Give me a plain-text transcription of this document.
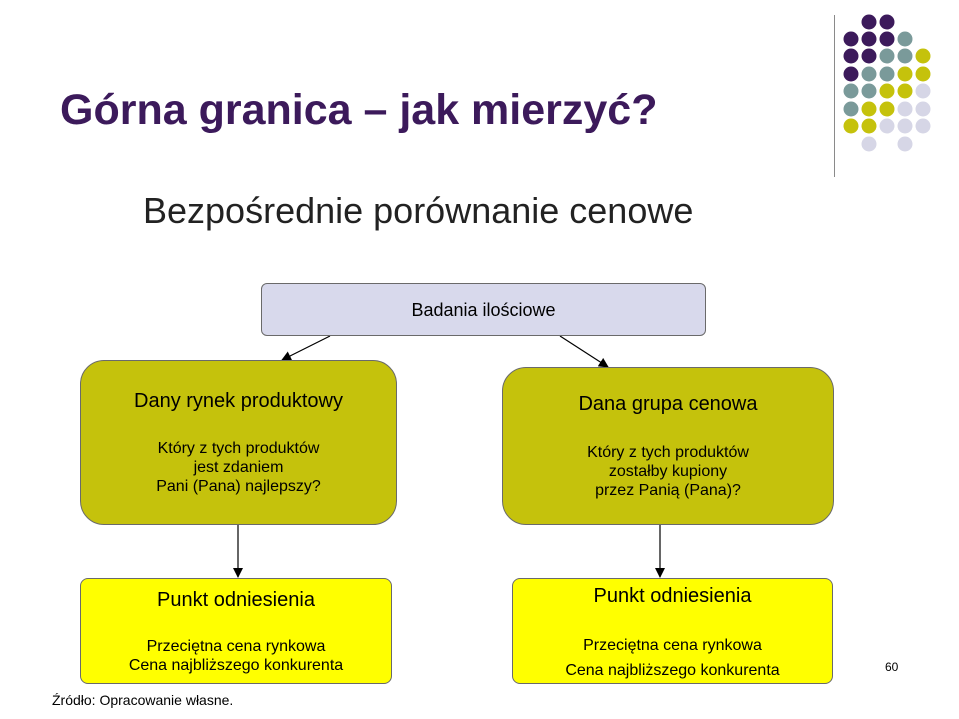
Górna granica – jak mierzyć?
Bezpośrednie porównanie cenowe
Badania ilościowe
Dany rynek produktowy
Który z tych produktów
jest zdaniem
Pani (Pana) najlepszy?
Dana grupa cenowa
Który z tych produktów
zostałby kupiony
przez Panią (Pana)?
Punkt odniesienia
Przeciętna cena rynkowa
Cena najbliższego konkurenta
Punkt odniesienia
Przeciętna cena rynkowa
Cena najbliższego konkurenta
Źródło: Opracowanie własne.
60
